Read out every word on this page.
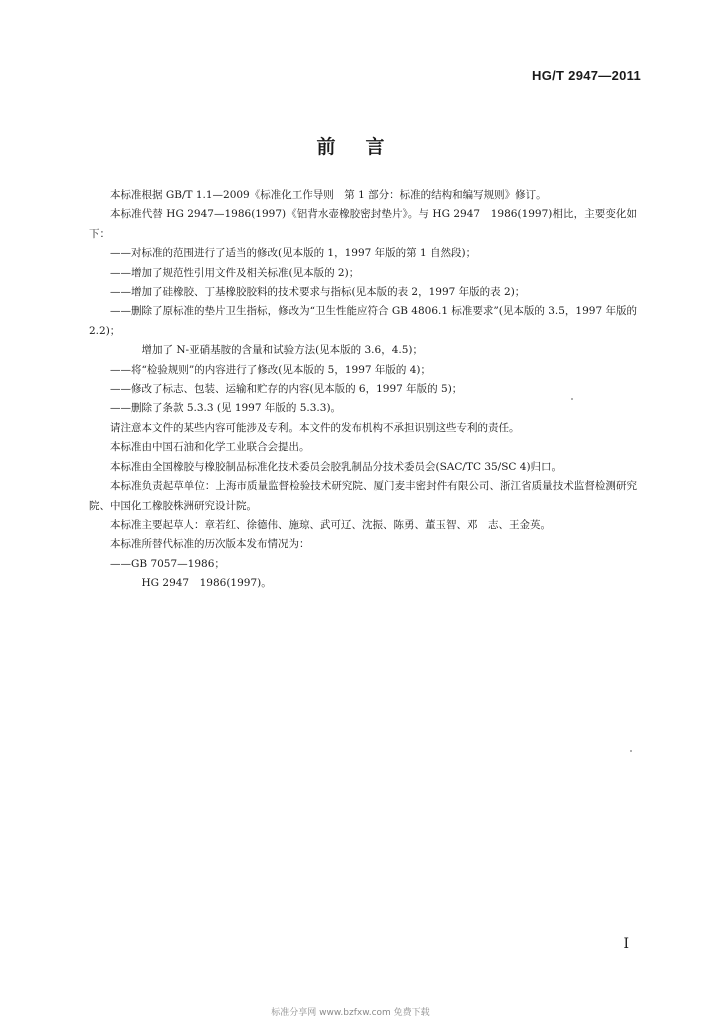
HG/T 2947—2011
前言

本标准根据 GB/T 1.1—2009《标准化工作导则　第 1 部分：标准的结构和编写规则》修订。

本标准代替 HG 2947—1986(1997)《铝背水壶橡胶密封垫片》。与 HG 2947　1986(1997)相比，主要变化如下：

——对标准的范围进行了适当的修改(见本版的 1，1997 年版的第 1 自然段)；

——增加了规范性引用文件及相关标准(见本版的 2)；

——增加了硅橡胶、丁基橡胶胶料的技术要求与指标(见本版的表 2，1997 年版的表 2)；

——删除了原标准的垫片卫生指标，修改为“卫生性能应符合 GB 4806.1 标准要求”(见本版的 3.5，1997 年版的 2.2)；

增加了 N-亚硝基胺的含量和试验方法(见本版的 3.6，4.5)；

——将“检验规则”的内容进行了修改(见本版的 5，1997 年版的 4)；

——修改了标志、包装、运输和贮存的内容(见本版的 6，1997 年版的 5)；

——删除了条款 5.3.3 (见 1997 年版的 5.3.3)。

请注意本文件的某些内容可能涉及专利。本文件的发布机构不承担识别这些专利的责任。

本标准由中国石油和化学工业联合会提出。

本标准由全国橡胶与橡胶制品标准化技术委员会胶乳制品分技术委员会(SAC/TC 35/SC 4)归口。

本标准负责起草单位：上海市质量监督检验技术研究院、厦门麦丰密封件有限公司、浙江省质量技术监督检测研究院、中国化工橡胶株洲研究设计院。

本标准主要起草人：章若红、徐德伟、施琼、武可辽、沈振、陈勇、董玉智、邓　志、王金英。

本标准所替代标准的历次版本发布情况为：

——GB 7057—1986；

HG 2947　1986(1997)。

I
标准分享网 www.bzfxw.com 免费下载
